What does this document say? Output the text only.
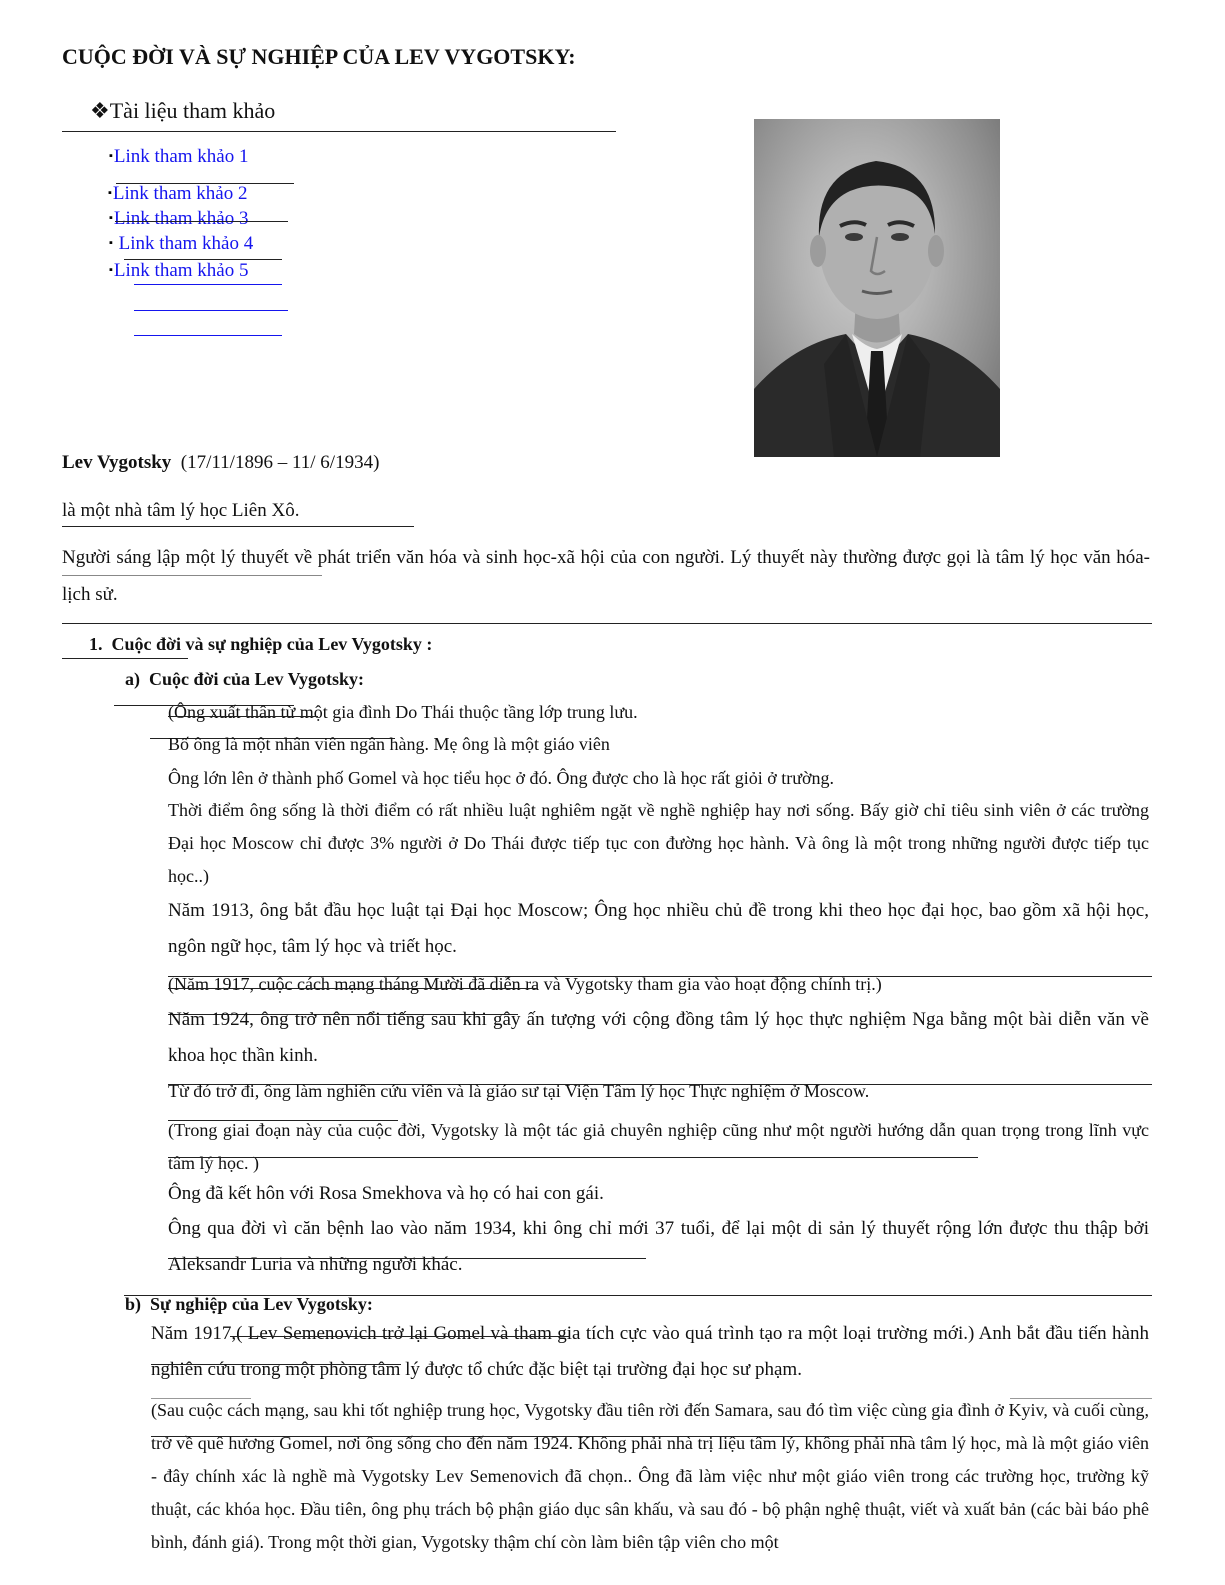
CUỘC ĐỜI VÀ SỰ NGHIỆP CỦA LEV VYGOTSKY:
❖Tài liệu tham khảo
▪Link tham khảo 1
▪Link tham khảo 2
▪Link tham khảo 3
▪ Link tham khảo 4
▪Link tham khảo 5
Lev Vygotsky (17/11/1896 – 11/ 6/1934)
là một nhà tâm lý học Liên Xô.
Người sáng lập một lý thuyết về phát triển văn hóa và sinh học-xã hội của con người. Lý thuyết này thường được gọi là tâm lý học văn hóa-lịch sử.
1. Cuộc đời và sự nghiệp của Lev Vygotsky :
a) Cuộc đời của Lev Vygotsky:
(Ông xuất thân từ một gia đình Do Thái thuộc tầng lớp trung lưu.
Bố ông là một nhân viên ngân hàng. Mẹ ông là một giáo viên
Ông lớn lên ở thành phố Gomel và học tiểu học ở đó. Ông được cho là học rất giỏi ở trường.
Thời điểm ông sống là thời điểm có rất nhiều luật nghiêm ngặt về nghề nghiệp hay nơi sống. Bấy giờ chỉ tiêu sinh viên ở các trường Đại học Moscow chỉ được 3% người ở Do Thái được tiếp tục con đường học hành. Và ông là một trong những người được tiếp tục học..)
Năm 1913, ông bắt đầu học luật tại Đại học Moscow; Ông học nhiều chủ đề trong khi theo học đại học, bao gồm xã hội học, ngôn ngữ học, tâm lý học và triết học.
(Năm 1917, cuộc cách mạng tháng Mười đã diễn ra và Vygotsky tham gia vào hoạt động chính trị.)
Năm 1924, ông trở nên nổi tiếng sau khi gây ấn tượng với cộng đồng tâm lý học thực nghiệm Nga bằng một bài diễn văn về khoa học thần kinh.
Từ đó trở đi, ông làm nghiên cứu viên và là giáo sư tại Viện Tâm lý học Thực nghiệm ở Moscow.
(Trong giai đoạn này của cuộc đời, Vygotsky là một tác giả chuyên nghiệp cũng như một người hướng dẫn quan trọng trong lĩnh vực tâm lý học. )
Ông đã kết hôn với Rosa Smekhova và họ có hai con gái.
Ông qua đời vì căn bệnh lao vào năm 1934, khi ông chỉ mới 37 tuổi, để lại một di sản lý thuyết rộng lớn được thu thập bởi Aleksandr Luria và những người khác.
b) Sự nghiệp của Lev Vygotsky:
Năm 1917,( Lev Semenovich trở lại Gomel và tham gia tích cực vào quá trình tạo ra một loại trường mới.) Anh bắt đầu tiến hành nghiên cứu trong một phòng tâm lý được tổ chức đặc biệt tại trường đại học sư phạm.
(Sau cuộc cách mạng, sau khi tốt nghiệp trung học, Vygotsky đầu tiên rời đến Samara, sau đó tìm việc cùng gia đình ở Kyiv, và cuối cùng, trở về quê hương Gomel, nơi ông sống cho đến năm 1924. Không phải nhà trị liệu tâm lý, không phải nhà tâm lý học, mà là một giáo viên - đây chính xác là nghề mà Vygotsky Lev Semenovich đã chọn.. Ông đã làm việc như một giáo viên trong các trường học, trường kỹ thuật, các khóa học. Đầu tiên, ông phụ trách bộ phận giáo dục sân khấu, và sau đó - bộ phận nghệ thuật, viết và xuất bản (các bài báo phê bình, đánh giá). Trong một thời gian, Vygotsky thậm chí còn làm biên tập viên cho một
